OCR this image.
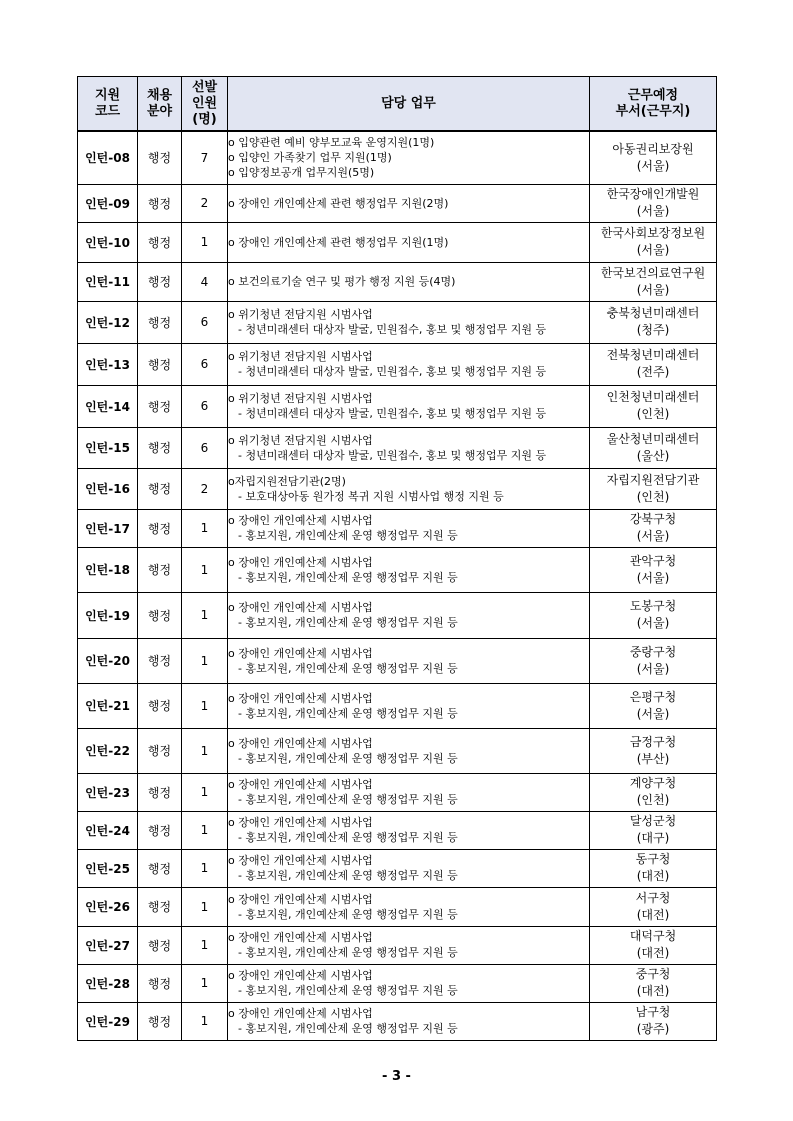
지원
코드	채용
분야	선발
인원
(명)	담당 업무	근무예정
부서(근무지)

인턴-08	행정	7	o 입양관련 예비 양부모교육 운영지원(1명)
o 입양인 가족찾기 업무 지원(1명)
o 입양정보공개 업무지원(5명)	아동권리보장원
(서울)

인턴-09	행정	2	o 장애인 개인예산제 관련 행정업무 지원(2명)	한국장애인개발원
(서울)

인턴-10	행정	1	o 장애인 개인예산제 관련 행정업무 지원(1명)	한국사회보장정보원
(서울)

인턴-11	행정	4	o 보건의료기술 연구 및 평가 행정 지원 등(4명)	한국보건의료연구원
(서울)

인턴-12	행정	6	o 위기청년 전담지원 시범사업
- 청년미래센터 대상자 발굴, 민원접수, 홍보 및 행정업무 지원 등	충북청년미래센터
(청주)

인턴-13	행정	6	o 위기청년 전담지원 시범사업
- 청년미래센터 대상자 발굴, 민원접수, 홍보 및 행정업무 지원 등	전북청년미래센터
(전주)

인턴-14	행정	6	o 위기청년 전담지원 시범사업
- 청년미래센터 대상자 발굴, 민원접수, 홍보 및 행정업무 지원 등	인천청년미래센터
(인천)

인턴-15	행정	6	o 위기청년 전담지원 시범사업
- 청년미래센터 대상자 발굴, 민원접수, 홍보 및 행정업무 지원 등	울산청년미래센터
(울산)

인턴-16	행정	2	o자립지원전담기관(2명)
- 보호대상아동 원가정 복귀 지원 시범사업 행정 지원 등	자립지원전담기관
(인천)

인턴-17	행정	1	o 장애인 개인예산제 시범사업
- 홍보지원, 개인예산제 운영 행정업무 지원 등	강북구청
(서울)

인턴-18	행정	1	o 장애인 개인예산제 시범사업
- 홍보지원, 개인예산제 운영 행정업무 지원 등	관악구청
(서울)

인턴-19	행정	1	o 장애인 개인예산제 시범사업
- 홍보지원, 개인예산제 운영 행정업무 지원 등	도봉구청
(서울)

인턴-20	행정	1	o 장애인 개인예산제 시범사업
- 홍보지원, 개인예산제 운영 행정업무 지원 등	중랑구청
(서울)

인턴-21	행정	1	o 장애인 개인예산제 시범사업
- 홍보지원, 개인예산제 운영 행정업무 지원 등	은평구청
(서울)

인턴-22	행정	1	o 장애인 개인예산제 시범사업
- 홍보지원, 개인예산제 운영 행정업무 지원 등	금정구청
(부산)

인턴-23	행정	1	o 장애인 개인예산제 시범사업
- 홍보지원, 개인예산제 운영 행정업무 지원 등	계양구청
(인천)

인턴-24	행정	1	o 장애인 개인예산제 시범사업
- 홍보지원, 개인예산제 운영 행정업무 지원 등	달성군청
(대구)

인턴-25	행정	1	o 장애인 개인예산제 시범사업
- 홍보지원, 개인예산제 운영 행정업무 지원 등	동구청
(대전)

인턴-26	행정	1	o 장애인 개인예산제 시범사업
- 홍보지원, 개인예산제 운영 행정업무 지원 등	서구청
(대전)

인턴-27	행정	1	o 장애인 개인예산제 시범사업
- 홍보지원, 개인예산제 운영 행정업무 지원 등	대덕구청
(대전)

인턴-28	행정	1	o 장애인 개인예산제 시범사업
- 홍보지원, 개인예산제 운영 행정업무 지원 등	중구청
(대전)

인턴-29	행정	1	o 장애인 개인예산제 시범사업
- 홍보지원, 개인예산제 운영 행정업무 지원 등	남구청
(광주)
- 3 -
